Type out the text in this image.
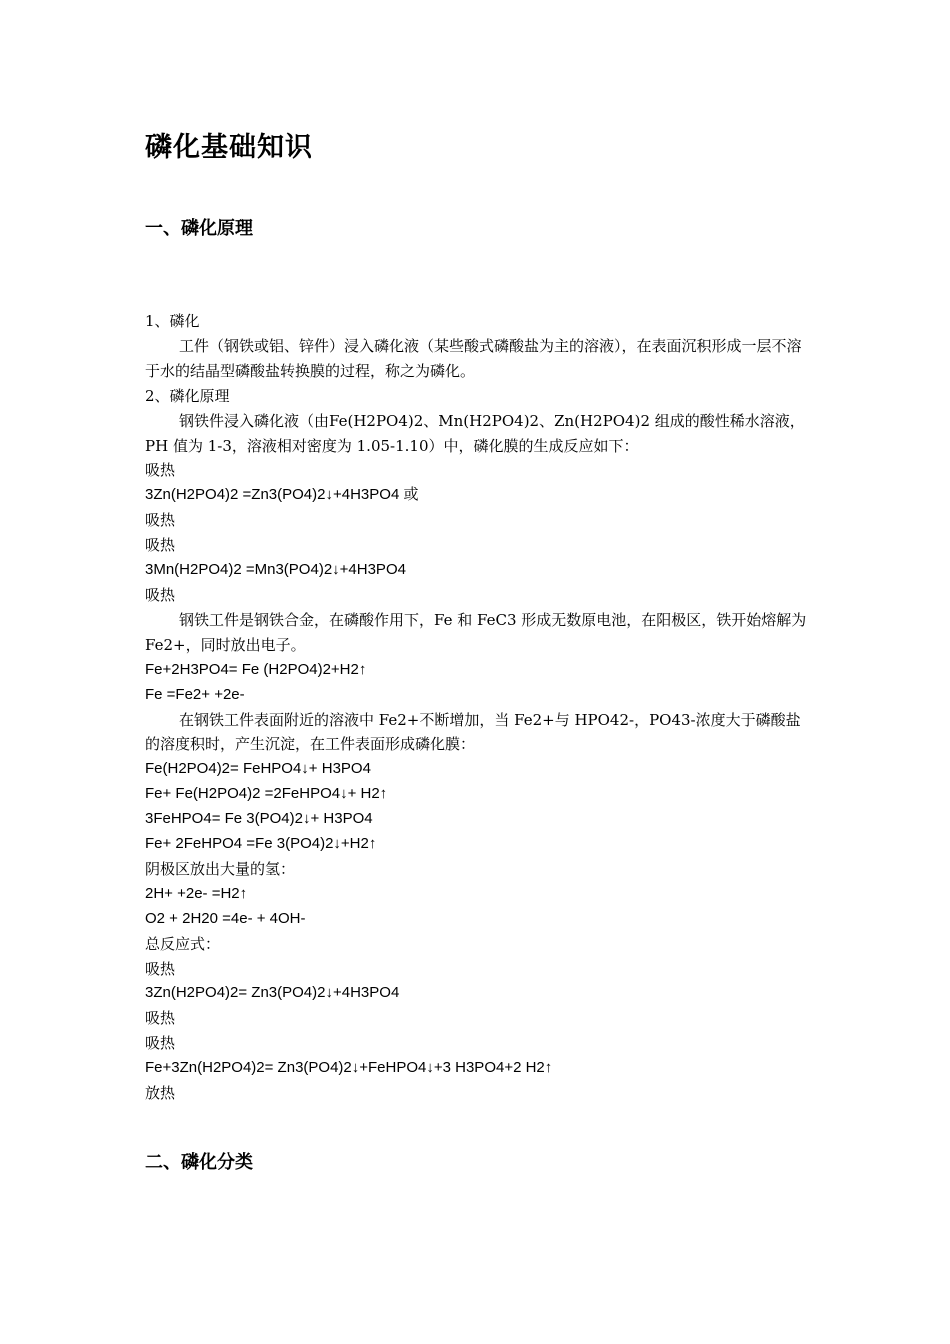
磷化基础知识
一、磷化原理

1、磷化

工件（钢铁或铝、锌件）浸入磷化液（某些酸式磷酸盐为主的溶液），在表面沉积形成一层不溶于水的结晶型磷酸盐转换膜的过程，称之为磷化。

2、磷化原理

钢铁件浸入磷化液（由Fe(H2PO4)2、Mn(H2PO4)2、Zn(H2PO4)2 组成的酸性稀水溶液，PH 值为 1-3，溶液相对密度为 1.05-1.10）中，磷化膜的生成反应如下：

吸热

3Zn(H2PO4)2 =Zn3(PO4)2↓+4H3PO4 或

吸热

吸热

3Mn(H2PO4)2 =Mn3(PO4)2↓+4H3PO4

吸热

钢铁工件是钢铁合金，在磷酸作用下，Fe 和 FeC3 形成无数原电池，在阳极区，铁开始熔解为 Fe2+，同时放出电子。

Fe+2H3PO4= Fe (H2PO4)2+H2↑

Fe =Fe2+ +2e-

在钢铁工件表面附近的溶液中 Fe2+不断增加，当 Fe2+与 HPO42-，PO43-浓度大于磷酸盐的溶度积时，产生沉淀，在工件表面形成磷化膜：

Fe(H2PO4)2= FeHPO4↓+ H3PO4

Fe+ Fe(H2PO4)2 =2FeHPO4↓+ H2↑

3FeHPO4= Fe 3(PO4)2↓+ H3PO4

Fe+ 2FeHPO4 =Fe 3(PO4)2↓+H2↑

阴极区放出大量的氢：

2H+ +2e- =H2↑

O2 + 2H20 =4e- + 4OH-

总反应式：

吸热

3Zn(H2PO4)2= Zn3(PO4)2↓+4H3PO4

吸热

吸热

Fe+3Zn(H2PO4)2= Zn3(PO4)2↓+FeHPO4↓+3 H3PO4+2 H2↑

放热

二、磷化分类
